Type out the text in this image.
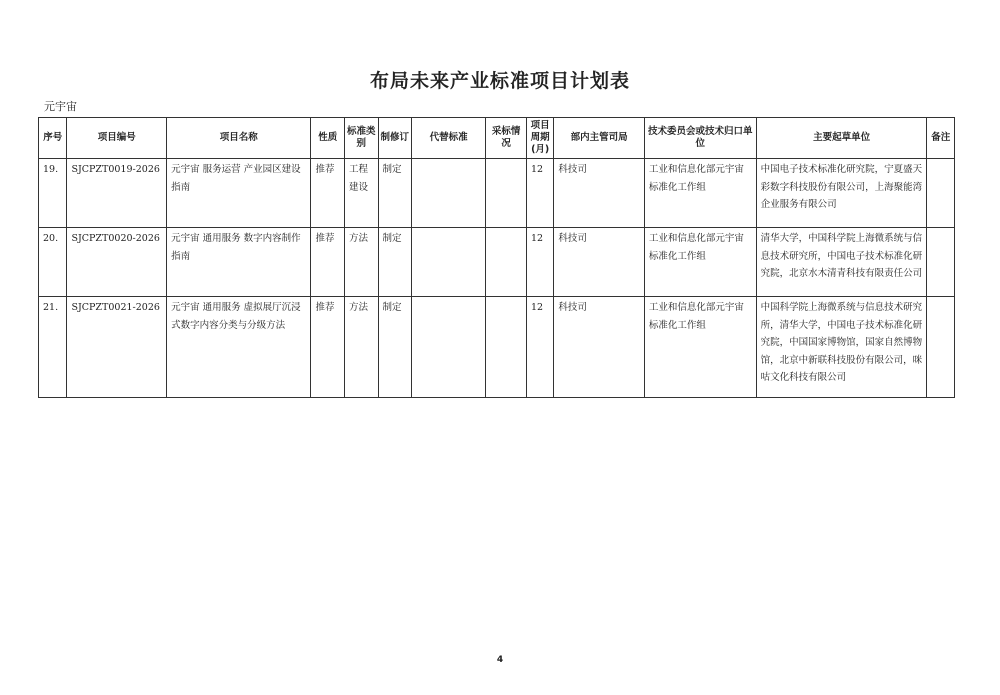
布局未来产业标准项目计划表
元宇宙
序号	项目编号	项目名称	性质	标准类别	制修订	代替标准	采标情况	项目周期(月)	部内主管司局	技术委员会或技术归口单位	主要起草单位	备注
19.	SJCPZT0019-2026	元宇宙 服务运营 产业园区建设指南	推荐	工程建设	制定			12	科技司	工业和信息化部元宇宙标准化工作组	中国电子技术标准化研究院，宁夏盛天彩数字科技股份有限公司，上海聚能湾企业服务有限公司	
20.	SJCPZT0020-2026	元宇宙 通用服务 数字内容制作指南	推荐	方法	制定			12	科技司	工业和信息化部元宇宙标准化工作组	清华大学，中国科学院上海微系统与信息技术研究所，中国电子技术标准化研究院，北京水木清青科技有限责任公司	
21.	SJCPZT0021-2026	元宇宙 通用服务 虚拟展厅沉浸式数字内容分类与分级方法	推荐	方法	制定			12	科技司	工业和信息化部元宇宙标准化工作组	中国科学院上海微系统与信息技术研究所，清华大学，中国电子技术标准化研究院，中国国家博物馆，国家自然博物馆，北京中新联科技股份有限公司，咪咕文化科技有限公司	
4
